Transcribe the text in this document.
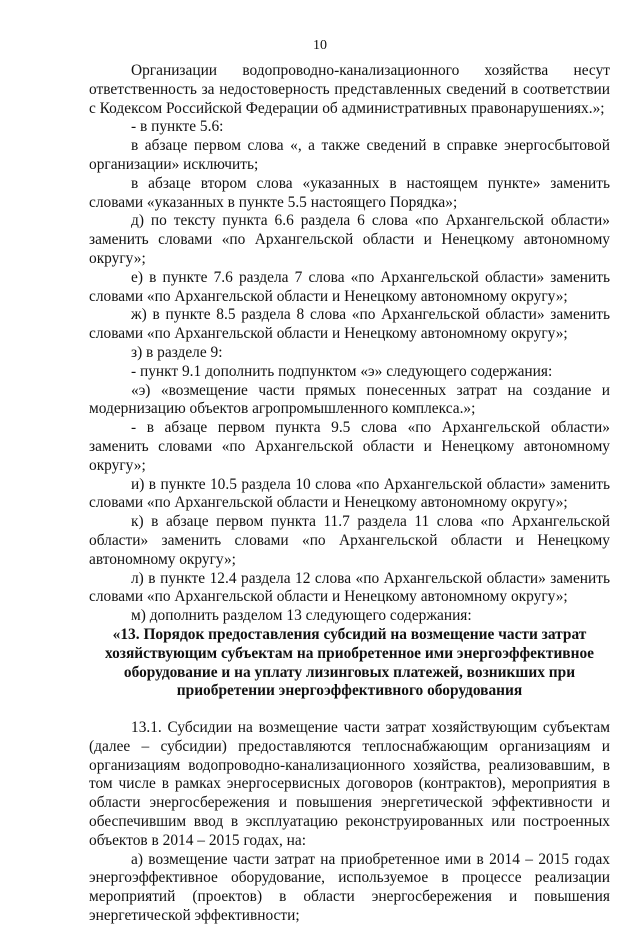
10

Организации водопроводно-канализационного хозяйства несут ответственность за недостоверность представленных сведений в соответствии с Кодексом Российской Федерации об административных правонарушениях.»;

- в пункте 5.6:

в абзаце первом слова «, а также сведений в справке энергосбытовой организации» исключить;

в абзаце втором слова «указанных в настоящем пункте» заменить словами «указанных в пункте 5.5 настоящего Порядка»;

д) по тексту пункта 6.6 раздела 6 слова «по Архангельской области» заменить словами «по Архангельской области и Ненецкому автономному округу»;

е) в пункте 7.6 раздела 7 слова «по Архангельской области» заменить словами «по Архангельской области и Ненецкому автономному округу»;

ж) в пункте 8.5 раздела 8 слова «по Архангельской области» заменить словами «по Архангельской области и Ненецкому автономному округу»;

з) в разделе 9:

- пункт 9.1 дополнить подпунктом «э» следующего содержания:

«э) «возмещение части прямых понесенных затрат на создание и модернизацию объектов агропромышленного комплекса.»;

- в абзаце первом пункта 9.5 слова «по Архангельской области» заменить словами «по Архангельской области и Ненецкому автономному округу»;

и) в пункте 10.5 раздела 10 слова «по Архангельской области» заменить словами «по Архангельской области и Ненецкому автономному округу»;

к) в абзаце первом пункта 11.7 раздела 11 слова «по Архангельской области» заменить словами «по Архангельской области и Ненецкому автономному округу»;

л) в пункте 12.4 раздела 12 слова «по Архангельской области» заменить словами «по Архангельской области и Ненецкому автономному округу»;

м) дополнить разделом 13 следующего содержания:

«13. Порядок предоставления субсидий на возмещение части затрат хозяйствующим субъектам на приобретенное ими энергоэффективное оборудование и на уплату лизинговых платежей, возникших при приобретении энергоэффективного оборудования

13.1. Субсидии на возмещение части затрат хозяйствующим субъектам (далее – субсидии) предоставляются теплоснабжающим организациям и организациям водопроводно-канализационного хозяйства, реализовавшим, в том числе в рамках энергосервисных договоров (контрактов), мероприятия в области энергосбережения и повышения энергетической эффективности и обеспечившим ввод в эксплуатацию реконструированных или построенных объектов в 2014 – 2015 годах, на:

а) возмещение части затрат на приобретенное ими в 2014 – 2015 годах энергоэффективное оборудование, используемое в процессе реализации мероприятий (проектов) в области энергосбережения и повышения энергетической эффективности;
